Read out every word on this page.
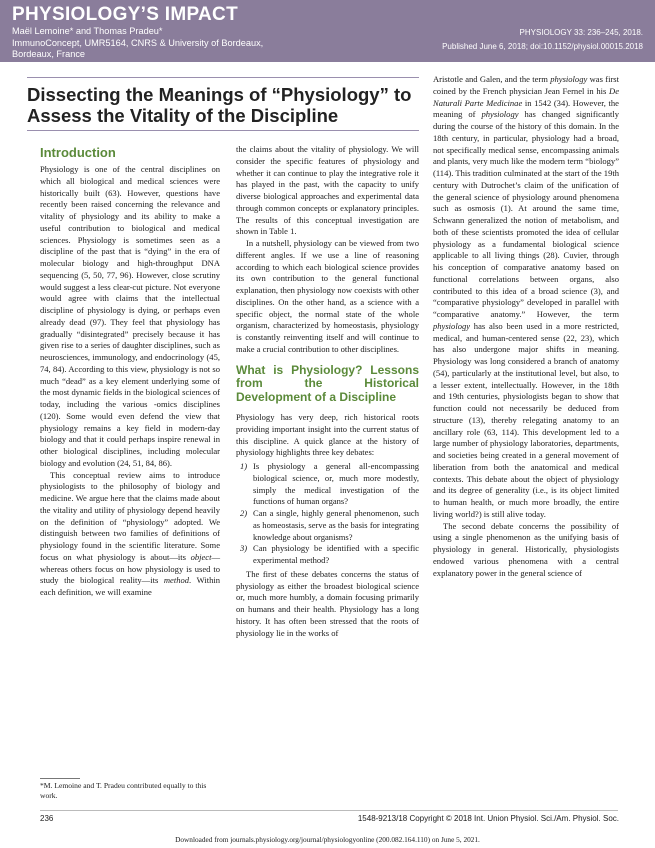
PHYSIOLOGY’S IMPACT
Maël Lemoine* and Thomas Pradeu*
ImmunoConcept, UMR5164, CNRS & University of Bordeaux,
Bordeaux, France
PHYSIOLOGY 33: 236–245, 2018.
Published June 6, 2018; doi:10.1152/physiol.00015.2018
Dissecting the Meanings of “Physiology” to Assess the Vitality of the Discipline
Introduction

Physiology is one of the central disciplines on which all biological and medical sciences were historically built (63). However, questions have recently been raised concerning the relevance and vitality of physiology and its ability to make a useful contribution to biological and medical sciences. Physiology is sometimes seen as a discipline of the past that is “dying” in the era of molecular biology and high-throughput DNA sequencing (5, 50, 77, 96). However, close scrutiny would suggest a less clear-cut picture. Not everyone would agree with claims that the intellectual discipline of physiology is dying, or perhaps even already dead (97). They feel that physiology has gradually “disintegrated” precisely because it has given rise to a series of daughter disciplines, such as neurosciences, immunology, and endocrinology (45, 74, 84). According to this view, physiology is not so much “dead” as a key element underlying some of the most dynamic fields in the biological sciences of today, including the various -omics disciplines (120). Some would even defend the view that physiology remains a key field in modern-day biology and that it could perhaps inspire renewal in other biological disciplines, including molecular biology and evolution (24, 51, 84, 86).

This conceptual review aims to introduce physiologists to the philosophy of biology and medicine. We argue here that the claims made about the vitality and utility of physiology depend heavily on the definition of “physiology” adopted. We distinguish between two families of definitions of physiology found in the scientific literature. Some focus on what physiology is about—its object—whereas others focus on how physiology is used to study the biological reality—its method. Within each definition, we will examine

*M. Lemoine and T. Pradeu contributed equally to this work.

the claims about the vitality of physiology. We will consider the specific features of physiology and whether it can continue to play the integrative role it has played in the past, with the capacity to unify diverse biological approaches and experimental data through common concepts or explanatory principles. The results of this conceptual investigation are shown in Table 1.

In a nutshell, physiology can be viewed from two different angles. If we use a line of reasoning according to which each biological science provides its own contribution to the general functional explanation, then physiology now coexists with other disciplines. On the other hand, as a science with a specific object, the normal state of the whole organism, characterized by homeostasis, physiology is constantly reinventing itself and will continue to make a crucial contribution to other disciplines.

What is Physiology? Lessons from the Historical Development of a Discipline

Physiology has very deep, rich historical roots providing important insight into the current status of this discipline. A quick glance at the history of physiology highlights three key debates:

1) Is physiology a general all-encompassing biological science, or, much more modestly, simply the medical investigation of the functions of human organs?
2) Can a single, highly general phenomenon, such as homeostasis, serve as the basis for integrating knowledge about organisms?
3) Can physiology be identified with a specific experimental method?

The first of these debates concerns the status of physiology as either the broadest biological science or, much more humbly, a domain focusing primarily on humans and their health. Physiology has a long history. It has often been stressed that the roots of physiology lie in the works of

Aristotle and Galen, and the term physiology was first coined by the French physician Jean Fernel in his De Naturali Parte Medicinae in 1542 (34). However, the meaning of physiology has changed significantly during the course of the history of this domain. In the 18th century, in particular, physiology had a broad, not specifically medical sense, encompassing animals and plants, very much like the modern term “biology” (114). This tradition culminated at the start of the 19th century with Dutrochet’s claim of the unification of the general science of physiology around phenomena such as osmosis (1). At around the same time, Schwann generalized the notion of metabolism, and both of these scientists promoted the idea of cellular physiology as a fundamental biological science applicable to all living things (28). Cuvier, through his conception of comparative anatomy based on functional correlations between organs, also contributed to this idea of a broad science (3), and “comparative physiology” developed in parallel with “comparative anatomy.” However, the term physiology has also been used in a more restricted, medical, and human-centered sense (22, 23), which has also undergone major shifts in meaning. Physiology was long considered a branch of anatomy (54), particularly at the institutional level, but also, to a lesser extent, intellectually. However, in the 18th and 19th centuries, physiologists began to show that function could not necessarily be deduced from structure (13), thereby relegating anatomy to an ancillary role (63, 114). This development led to a large number of physiology laboratories, departments, and societies being created in a general movement of liberation from both the anatomical and medical contexts. This debate about the object of physiology and its degree of generality (i.e., is its object limited to human health, or much more broadly, the entire living world?) is still alive today.

The second debate concerns the possibility of using a single phenomenon as the unifying basis of physiology in general. Historically, physiologists endowed various phenomena with a central explanatory power in the general science of

236	1548-9213/18 Copyright © 2018 Int. Union Physiol. Sci./Am. Physiol. Soc.
Downloaded from journals.physiology.org/journal/physiologyonline (200.082.164.110) on June 5, 2021.
